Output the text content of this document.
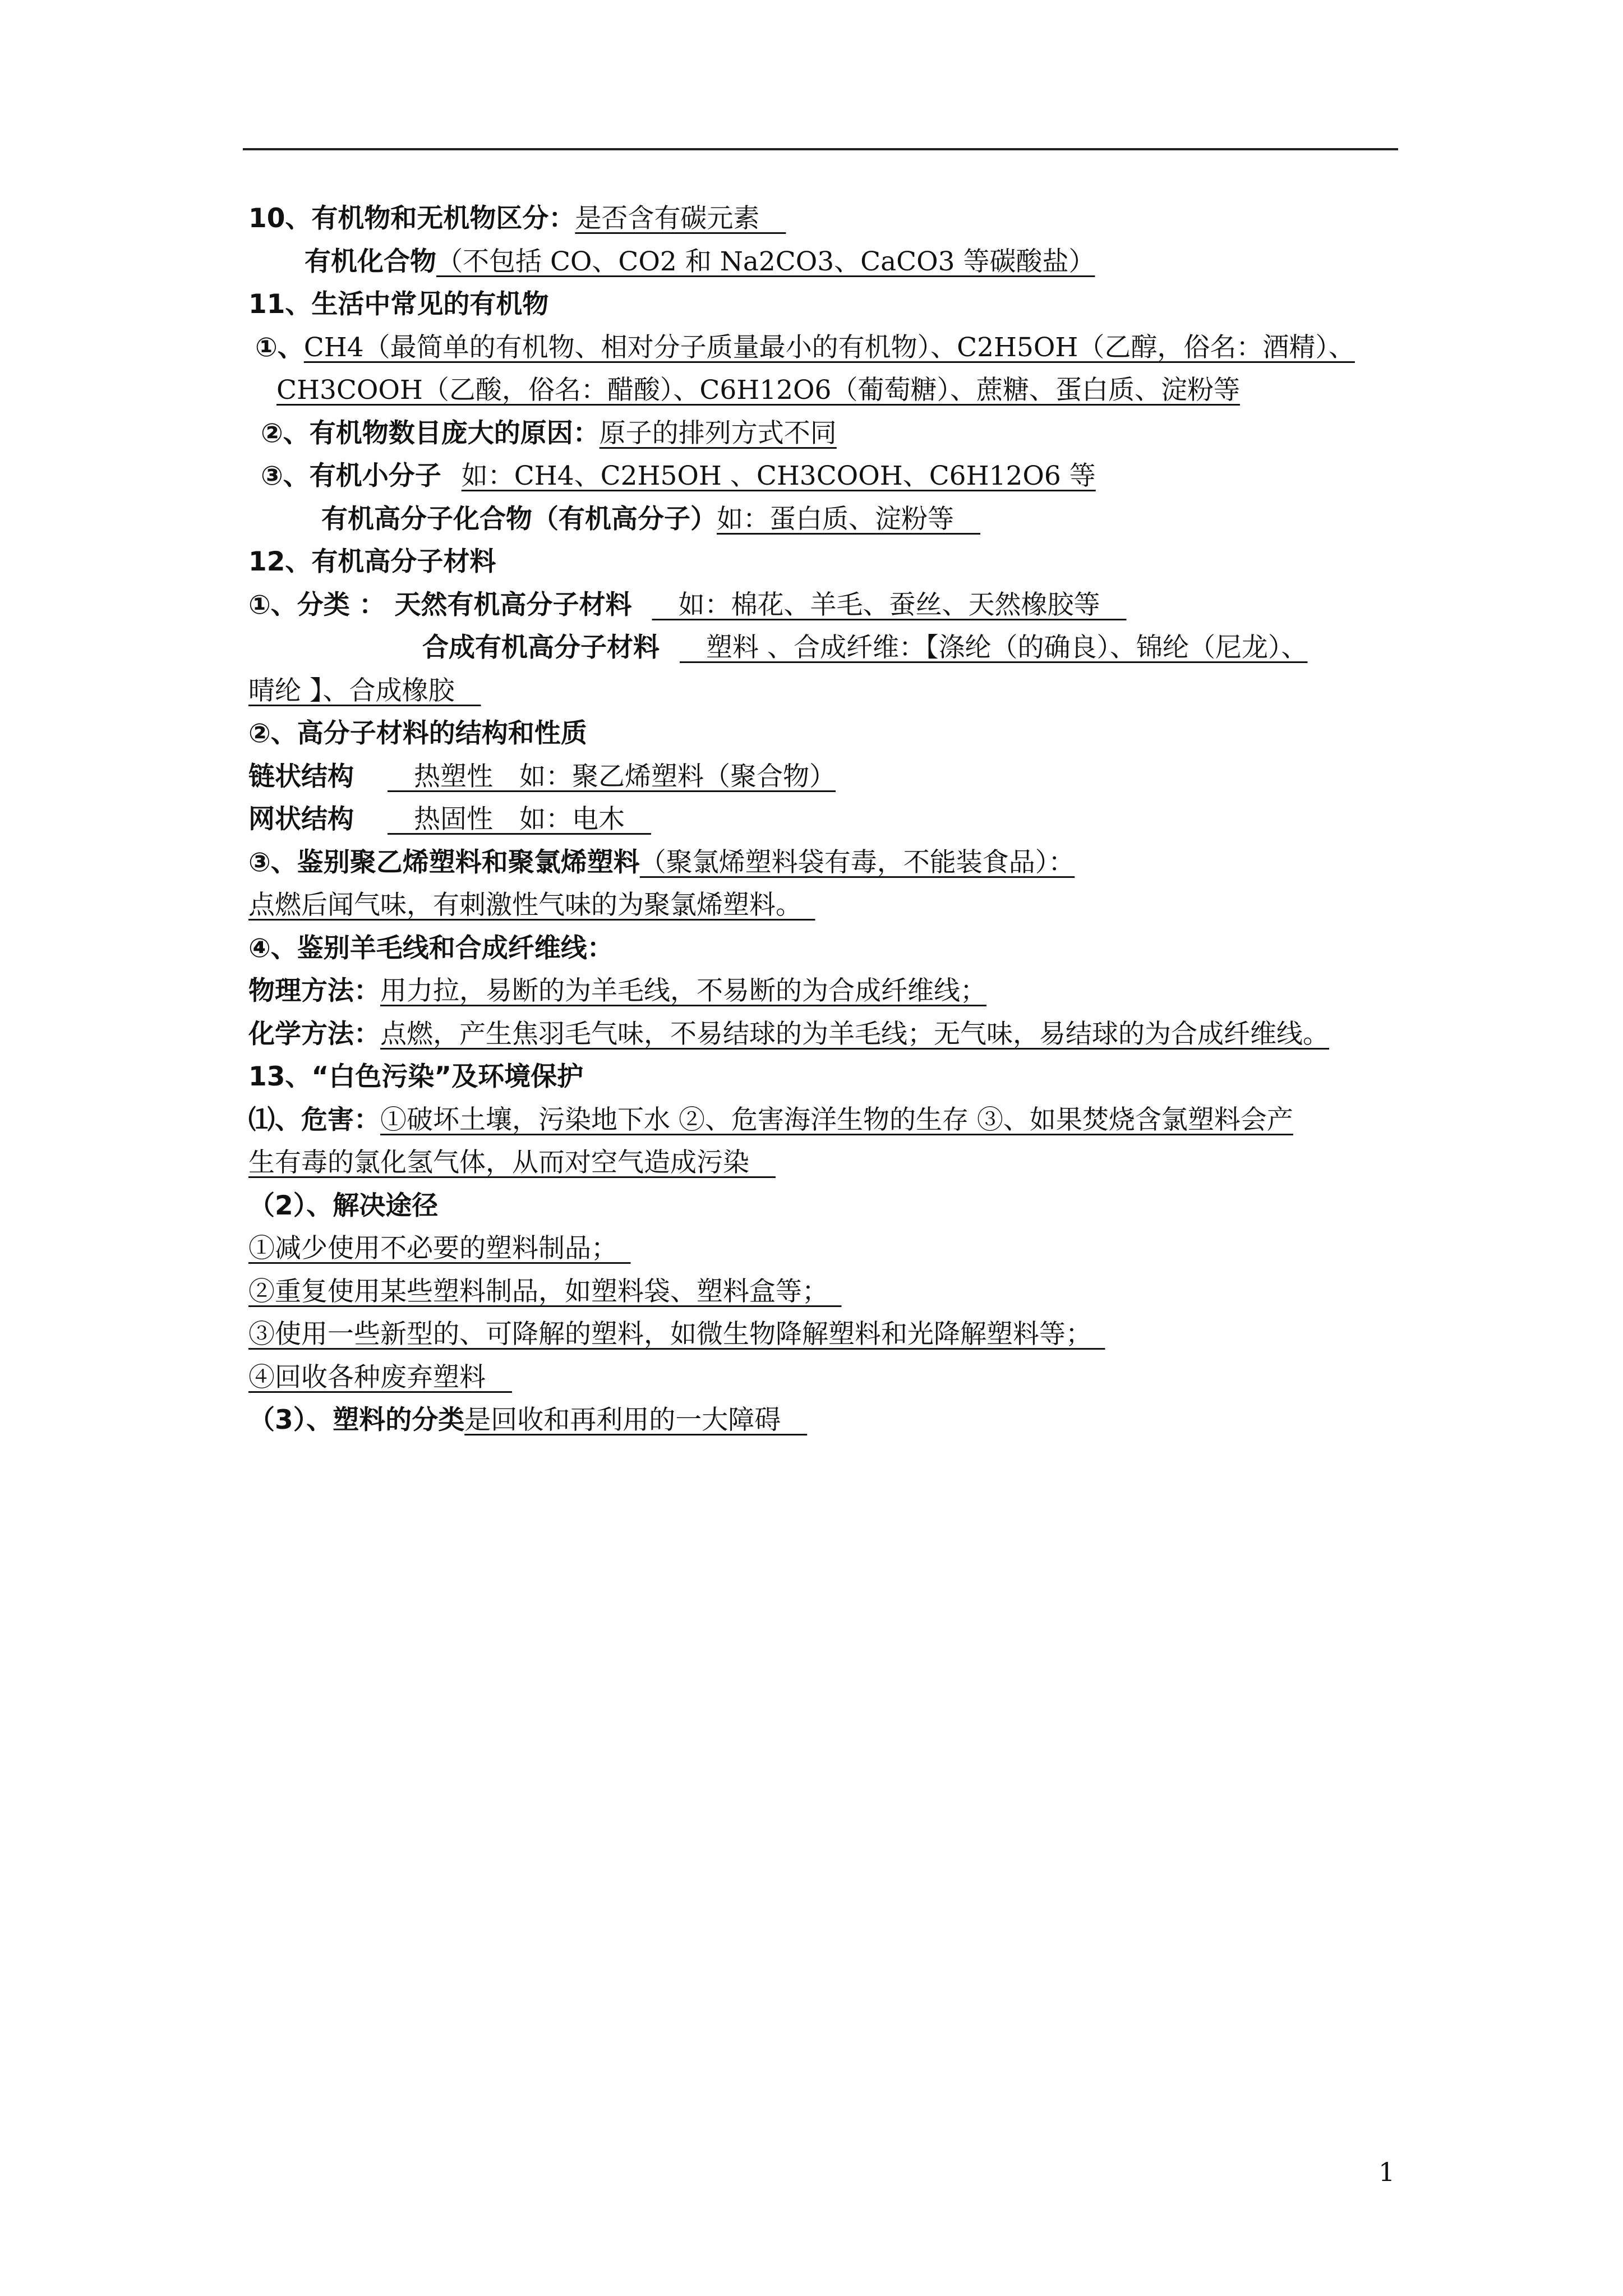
10、有机物和无机物区分：是否含有碳元素　
有机化合物（不包括 CO、CO2 和 Na2CO3、CaCO3 等碳酸盐）
11、生活中常见的有机物
①、CH4（最简单的有机物、相对分子质量最小的有机物）、C2H5OH（乙醇，俗名：酒精）、
CH3COOH（乙酸，俗名：醋酸）、C6H12O6（葡萄糖）、蔗糖、蛋白质、淀粉等
②、有机物数目庞大的原因：原子的排列方式不同
③、有机小分子 如：CH4、C2H5OH 、CH3COOH、C6H12O6 等
有机高分子化合物（有机高分子）如：蛋白质、淀粉等　
12、有机高分子材料
①、分类 ： 天然有机高分子材料　如：棉花、羊毛、蚕丝、天然橡胶等　
合成有机高分子材料　塑料 、合成纤维：【涤纶（的确良）、锦纶（尼龙）、
晴纶 】、合成橡胶　
②、高分子材料的结构和性质
链状结构　热塑性　如：聚乙烯塑料（聚合物）
网状结构　热固性　如：电木　
③、鉴别聚乙烯塑料和聚氯烯塑料（聚氯烯塑料袋有毒，不能装食品）：
点燃后闻气味，有刺激性气味的为聚氯烯塑料。　
④、鉴别羊毛线和合成纤维线：
物理方法：用力拉，易断的为羊毛线，不易断的为合成纤维线；
化学方法：点燃，产生焦羽毛气味，不易结球的为羊毛线；无气味，易结球的为合成纤维线。
13、“白色污染”及环境保护
⑴、危害：①破坏土壤，污染地下水 ②、危害海洋生物的生存 ③、如果焚烧含氯塑料会产
生有毒的氯化氢气体，从而对空气造成污染　
（2）、解决途径
①减少使用不必要的塑料制品；　
②重复使用某些塑料制品，如塑料袋、塑料盒等；　
③使用一些新型的、可降解的塑料，如微生物降解塑料和光降解塑料等；　
④回收各种废弃塑料　
（3）、塑料的分类是回收和再利用的一大障碍　
1
